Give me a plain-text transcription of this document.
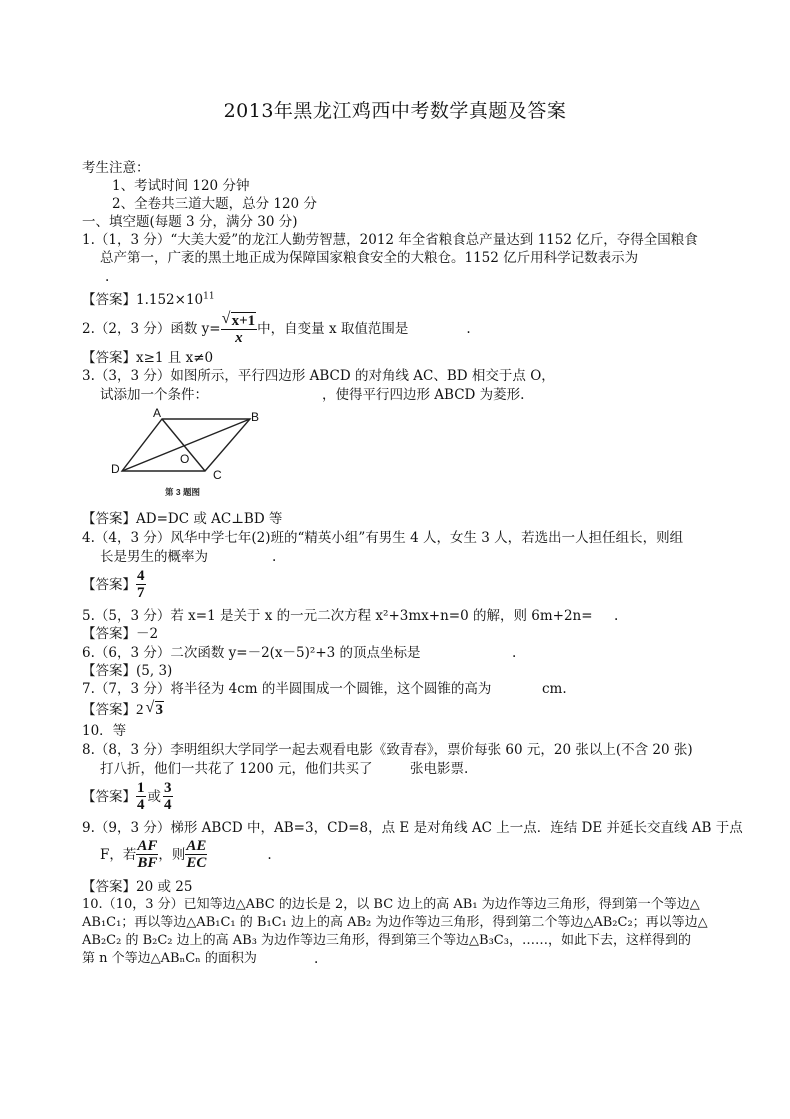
2013年黑龙江鸡西中考数学真题及答案
考生注意：
1、考试时间 120 分钟
2、全卷共三道大题，总分 120 分
一、填空题(每题 3 分，满分 30 分)
1.（1，3 分）“大美大爱”的龙江人勤劳智慧，2012 年全省粮食总产量达到 1152 亿斤，夺得全国粮食
总产第一，广袤的黑土地正成为保障国家粮食安全的大粮仓。1152 亿斤用科学记数表示为
.
【答案】$1.152\times 10^{11}$
2.（2，3 分）函数 $y= \frac{√ x+1}{x}$ 中，自变量 x 取值范围是	.
【答案】x≥1 且 x≠0
3.（3，3 分）如图所示，平行四边形 ABCD 的对角线 AC、BD 相交于点 O，
试添加一个条件：	，使得平行四边形 ABCD 为菱形.
A	B
C
D
O
第 3 题图
【答案】AD=DC 或 AC⊥BD 等
4.（4，3 分）风华中学七年(2)班的“精英小组”有男生 4 人，女生 3 人，若选出一人担任组长，则组
长是男生的概率为	.
【答案】 $\frac{4}{7}$
5.（5，3 分）若 x=1 是关于 x 的一元二次方程 x²+3mx+n=0 的解，则 6m+2n= .
【答案】－2
6.（6，3 分）二次函数 y=－2(x－5)²+3 的顶点坐标是	.
【答案】(5, 3)
7.（7，3 分）将半径为 4cm 的半圆围成一个圆锥，这个圆锥的高为	cm.
【答案】 2 √ 3
10．等
8.（8，3 分）李明组织大学同学一起去观看电影《致青春》，票价每张 60 元，20 张以上(不含 20 张)
打八折，他们一共花了 1200 元，他们共买了	张电影票.
【答案】 $\frac{1}{4}$ 或 $\frac{3}{4}$
9.（9，3 分）梯形 ABCD 中，AB=3，CD=8，点 E 是对角线 AC 上一点．连结 DE 并延长交直线 AB 于点
F，若 $\frac{AF}{BF}$ ，则 $\frac{AE}{EC}$	.
【答案】20 或 25
10.（10，3 分）已知等边△ABC 的边长是 2，以 BC 边上的高 AB₁ 为边作等边三角形，得到第一个等边△
AB₁C₁；再以等边△AB₁C₁ 的 B₁C₁ 边上的高 AB₂ 为边作等边三角形，得到第二个等边△AB₂C₂；再以等边△
AB₂C₂ 的 B₂C₂ 边上的高 AB₃ 为边作等边三角形，得到第三个等边△B₃C₃，……，如此下去，这样得到的
第 n 个等边△ABₙCₙ 的面积为	.
